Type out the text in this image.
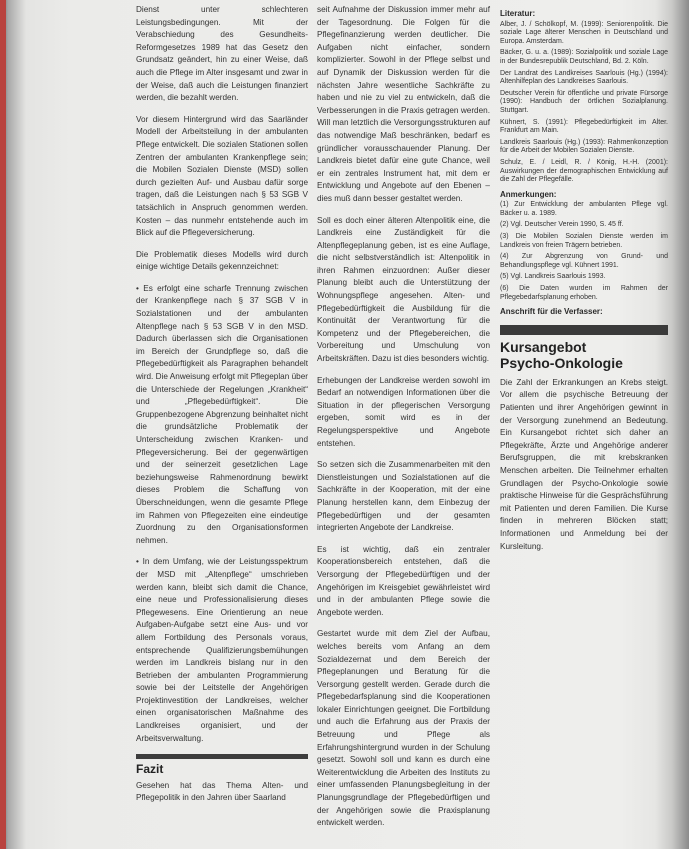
Dienst unter schlechteren Leistungsbedingungen. Mit der Verabschiedung des Gesundheits-Reformgesetzes 1989 hat das Gesetz den Grundsatz geändert, hin zu einer Weise, daß auch die Pflege im Alter insgesamt und zwar in der Weise, daß auch die Leistungen finanziert werden, die bezahlt werden.

Vor diesem Hintergrund wird das Saarländer Modell der Arbeitsteilung in der ambulanten Pflege entwickelt. Die sozialen Stationen sollen Zentren der ambulanten Krankenpflege sein; die Mobilen Sozialen Dienste (MSD) sollen durch gezielten Auf- und Ausbau dafür sorge tragen, daß die Leistungen nach § 53 SGB V tatsächlich in Anspruch genommen werden. Kosten – das nunmehr entstehende auch im Blick auf die Pflegeversicherung.

Die Problematik dieses Modells wird durch einige wichtige Details gekennzeichnet:

• Es erfolgt eine scharfe Trennung zwischen der Krankenpflege nach § 37 SGB V in Sozialstationen und der ambulanten Altenpflege nach § 53 SGB V in den MSD. Dadurch überlassen sich die Organisationen im Bereich der Grundpflege so, daß die Pflegebedürftigkeit als Paragraphen behandelt wird. Die Anweisung erfolgt mit Pflegeplan über die Unterschiede der Regelungen „Krankheit“ und „Pflegebedürftigkeit“. Die Gruppenbezogene Abgrenzung beinhaltet nicht die grundsätzliche Problematik der Unterscheidung zwischen Kranken- und Pflegeversicherung. Bei der gegenwärtigen und der seinerzeit gesetzlichen Lage beziehungsweise Rahmenordnung bewirkt dieses Problem die Schaffung von Überschneidungen, wenn die gesamte Pflege im Rahmen von Pflegezeiten eine eindeutige Zuordnung zu den Organisationsformen nehmen.

• In dem Umfang, wie der Leistungsspektrum der MSD mit „Altenpflege“ umschrieben werden kann, bleibt sich damit die Chance, eine neue und Professionalisierung dieses Pflegewesens. Eine Orientierung an neue Aufgaben-Aufgabe setzt eine Aus- und vor allem Fortbildung des Personals voraus, entsprechende Qualifizierungsbemühungen werden im Landkreis bislang nur in den Betrieben der ambulanten Programmierung sowie bei der Leitstelle der Angehörigen Projektinvestition der Landkreises, welcher einen organisatorischen Maßnahme des Landkreises organisiert, und der Arbeitsverwaltung.

Fazit

Gesehen hat das Thema Alten- und Pflegepolitik in den Jahren über Saarland

seit Aufnahme der Diskussion immer mehr auf der Tagesordnung. Die Folgen für die Pflegefinanzierung werden deutlicher. Die Aufgaben nicht einfacher, sondern komplizierter. Sowohl in der Pflege selbst und auf Dynamik der Diskussion werden für die nächsten Jahre wesentliche Sachkräfte zu haben und nie zu viel zu entwickeln, daß die Verbesserungen in die Praxis getragen werden. Will man letztlich die Versorgungsstrukturen auf das notwendige Maß beschränken, bedarf es gründlicher vorausschauender Planung. Der Landkreis bietet dafür eine gute Chance, weil er ein zentrales Instrument hat, mit dem er Entwicklung und Angebote auf den Ebenen – dies muß dann besser gestaltet werden.

Soll es doch einer älteren Altenpolitik eine, die Landkreis eine Zuständigkeit für die Altenpflegeplanung geben, ist es eine Auflage, die nicht selbstverständlich ist: Altenpolitik in ihren Rahmen einzuordnen: Außer dieser Planung bleibt auch die Unterstützung der Wohnungspflege angesehen. Alten- und Pflegebedürftigkeit die Ausbildung für die Kontinuität der Verantwortung für die Kompetenz und der Pflegebereichen, die Vorbereitung und Umschulung von Arbeitskräften. Dazu ist dies besonders wichtig.

Erhebungen der Landkreise werden sowohl im Bedarf an notwendigen Informationen über die Situation in der pflegerischen Versorgung ergeben, somit wird es in der Regelungsperspektive und Angebote entstehen.

So setzen sich die Zusammenarbeiten mit den Dienstleistungen und Sozialstationen auf die Sachkräfte in der Kooperation, mit der eine Planung herstellen kann, dem Einbezug der Pflegebedürftigen und der gesamten integrierten Angebote der Landkreise.

Es ist wichtig, daß ein zentraler Kooperationsbereich entstehen, daß die Versorgung der Pflegebedürftigen und der Angehörigen im Kreisgebiet gewährleistet wird und in der ambulanten Pflege sowie die Angebote werden.

Gestartet wurde mit dem Ziel der Aufbau, welches bereits vom Anfang an dem Sozialdezernat und dem Bereich der Pflegeplanungen und Beratung für die Versorgung gestellt werden. Gerade durch die Pflegebedarfsplanung sind die Kooperationen lokaler Einrichtungen geeignet. Die Fortbildung und auch die Erfahrung aus der Praxis der Betreuung und Pflege als Erfahrungshintergrund wurden in der Schulung gesetzt. Sowohl soll und kann es durch eine Weiterentwicklung die Arbeiten des Instituts zu einer umfassenden Planungsbegleitung in der Planungsgrundlage der Pflegebedürftigen und der Angehörigen sowie die Praxisplanung entwickelt werden.

Literatur:

Alber, J. / Schölkopf, M. (1999): Seniorenpolitik. Die soziale Lage älterer Menschen in Deutschland und Europa. Amsterdam.

Bäcker, G. u. a. (1989): Sozialpolitik und soziale Lage in der Bundesrepublik Deutschland, Bd. 2. Köln.

Der Landrat des Landkreises Saarlouis (Hg.) (1994): Altenhilfeplan des Landkreises Saarlouis.

Deutscher Verein für öffentliche und private Fürsorge (1990): Handbuch der örtlichen Sozialplanung. Stuttgart.

Kühnert, S. (1991): Pflegebedürftigkeit im Alter. Frankfurt am Main.

Landkreis Saarlouis (Hg.) (1993): Rahmenkonzeption für die Arbeit der Mobilen Sozialen Dienste.

Schulz, E. / Leidl, R. / König, H.-H. (2001): Auswirkungen der demographischen Entwicklung auf die Zahl der Pflegefälle.

Anmerkungen:

(1) Zur Entwicklung der ambulanten Pflege vgl. Bäcker u. a. 1989.

(2) Vgl. Deutscher Verein 1990, S. 45 ff.

(3) Die Mobilen Sozialen Dienste werden im Landkreis von freien Trägern betrieben.

(4) Zur Abgrenzung von Grund- und Behandlungspflege vgl. Kühnert 1991.

(5) Vgl. Landkreis Saarlouis 1993.

(6) Die Daten wurden im Rahmen der Pflegebedarfsplanung erhoben.

Anschrift für die Verfasser:

Kursangebot
Psycho-Onkologie

Die Zahl der Erkrankungen an Krebs steigt. Vor allem die psychische Betreuung der Patienten und ihrer Angehörigen gewinnt in der Versorgung zunehmend an Bedeutung. Ein Kursangebot richtet sich daher an Pflegekräfte, Ärzte und Angehörige anderer Berufsgruppen, die mit krebskranken Menschen arbeiten. Die Teilnehmer erhalten Grundlagen der Psycho-Onkologie sowie praktische Hinweise für die Gesprächsführung mit Patienten und deren Familien. Die Kurse finden in mehreren Blöcken statt; Informationen und Anmeldung bei der Kursleitung.
